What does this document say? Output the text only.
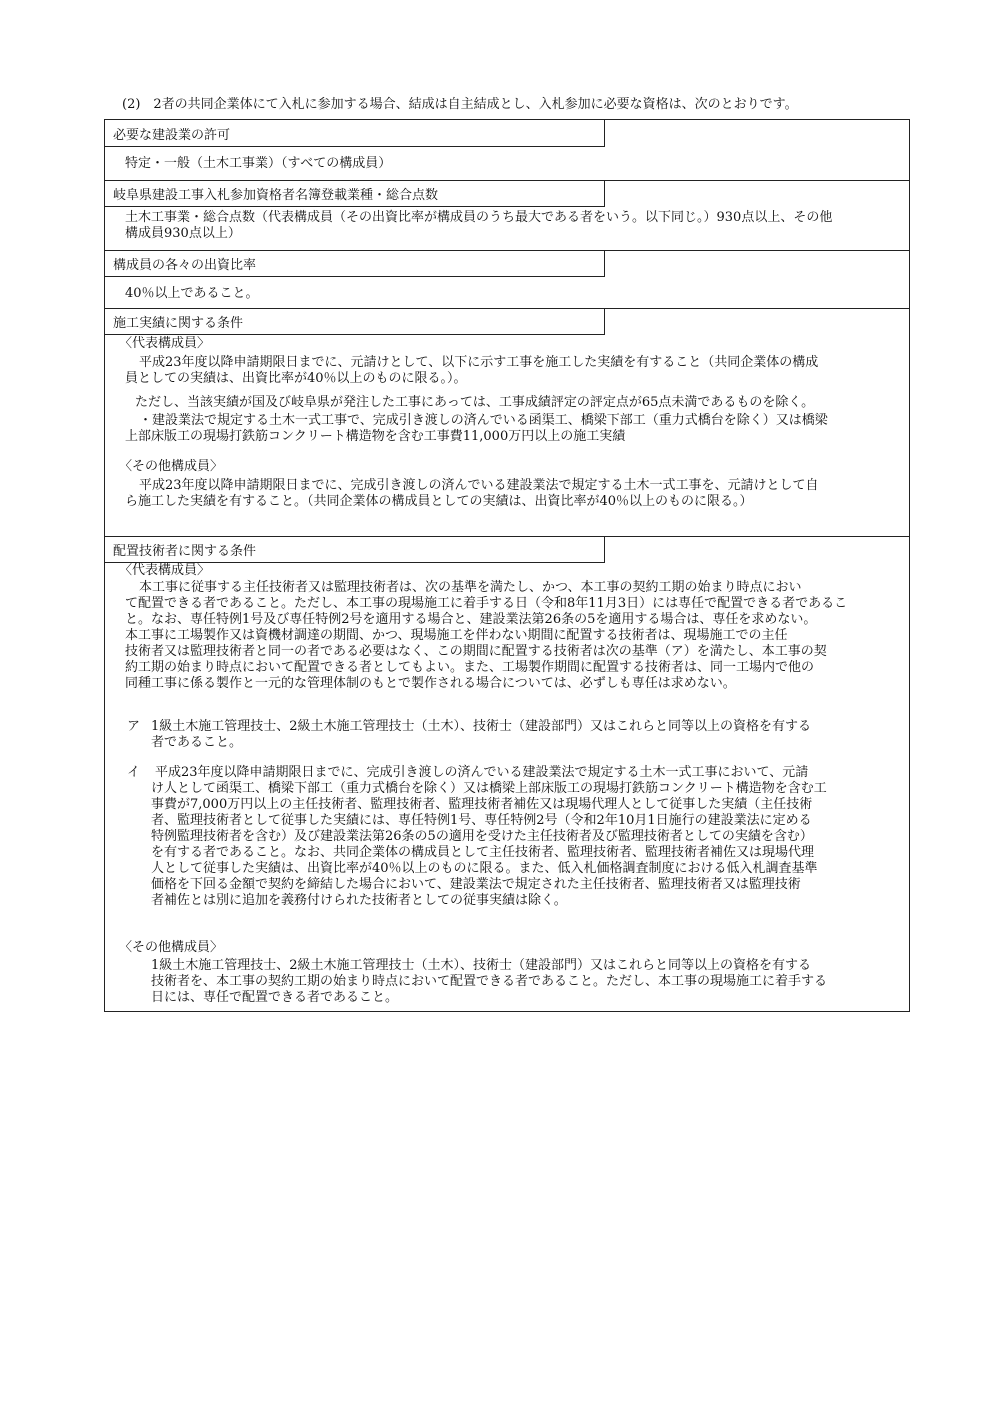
(2)　2者の共同企業体にて入札に参加する場合、結成は自主結成とし、入札参加に必要な資格は、次のとおりです。
必要な建設業の許可
特定・一般（土木工事業）（すべての構成員）
岐阜県建設工事入札参加資格者名簿登載業種・総合点数
土木工事業・総合点数（代表構成員（その出資比率が構成員のうち最大である者をいう。以下同じ。）930点以上、その他
構成員930点以上）
構成員の各々の出資比率
40％以上であること。
施工実績に関する条件
〈代表構成員〉
平成23年度以降申請期限日までに、元請けとして、以下に示す工事を施工した実績を有すること（共同企業体の構成
員としての実績は、出資比率が40％以上のものに限る。）。
ただし、当該実績が国及び岐阜県が発注した工事にあっては、工事成績評定の評定点が65点未満であるものを除く。
・建設業法で規定する土木一式工事で、完成引き渡しの済んでいる函渠工、橋梁下部工（重力式橋台を除く）又は橋梁
上部床版工の現場打鉄筋コンクリート構造物を含む工事費11,000万円以上の施工実績
〈その他構成員〉
平成23年度以降申請期限日までに、完成引き渡しの済んでいる建設業法で規定する土木一式工事を、元請けとして自
ら施工した実績を有すること。（共同企業体の構成員としての実績は、出資比率が40％以上のものに限る。）
配置技術者に関する条件
〈代表構成員〉
本工事に従事する主任技術者又は監理技術者は、次の基準を満たし、かつ、本工事の契約工期の始まり時点におい
て配置できる者であること。ただし、本工事の現場施工に着手する日（令和8年11月3日）には専任で配置できる者であるこ
と。なお、専任特例1号及び専任特例2号を適用する場合と、建設業法第26条の5を適用する場合は、専任を求めない。
本工事に工場製作又は資機材調達の期間、かつ、現場施工を伴わない期間に配置する技術者は、現場施工での主任
技術者又は監理技術者と同一の者である必要はなく、この期間に配置する技術者は次の基準（ア）を満たし、本工事の契
約工期の始まり時点において配置できる者としてもよい。また、工場製作期間に配置する技術者は、同一工場内で他の
同種工事に係る製作と一元的な管理体制のもとで製作される場合については、必ずしも専任は求めない。
ア 1級土木施工管理技士、2級土木施工管理技士（土木）、技術士（建設部門）又はこれらと同等以上の資格を有する
者であること。
イ 平成23年度以降申請期限日までに、完成引き渡しの済んでいる建設業法で規定する土木一式工事において、元請
け人として函渠工、橋梁下部工（重力式橋台を除く）又は橋梁上部床版工の現場打鉄筋コンクリート構造物を含む工
事費が7,000万円以上の主任技術者、監理技術者、監理技術者補佐又は現場代理人として従事した実績（主任技術
者、監理技術者として従事した実績には、専任特例1号、専任特例2号（令和2年10月1日施行の建設業法に定める
特例監理技術者を含む）及び建設業法第26条の5の適用を受けた主任技術者及び監理技術者としての実績を含む）
を有する者であること。なお、共同企業体の構成員として主任技術者、監理技術者、監理技術者補佐又は現場代理
人として従事した実績は、出資比率が40％以上のものに限る。また、低入札価格調査制度における低入札調査基準
価格を下回る金額で契約を締結した場合において、建設業法で規定された主任技術者、監理技術者又は監理技術
者補佐とは別に追加を義務付けられた技術者としての従事実績は除く。
〈その他構成員〉
1級土木施工管理技士、2級土木施工管理技士（土木）、技術士（建設部門）又はこれらと同等以上の資格を有する
技術者を、本工事の契約工期の始まり時点において配置できる者であること。ただし、本工事の現場施工に着手する
日には、専任で配置できる者であること。
